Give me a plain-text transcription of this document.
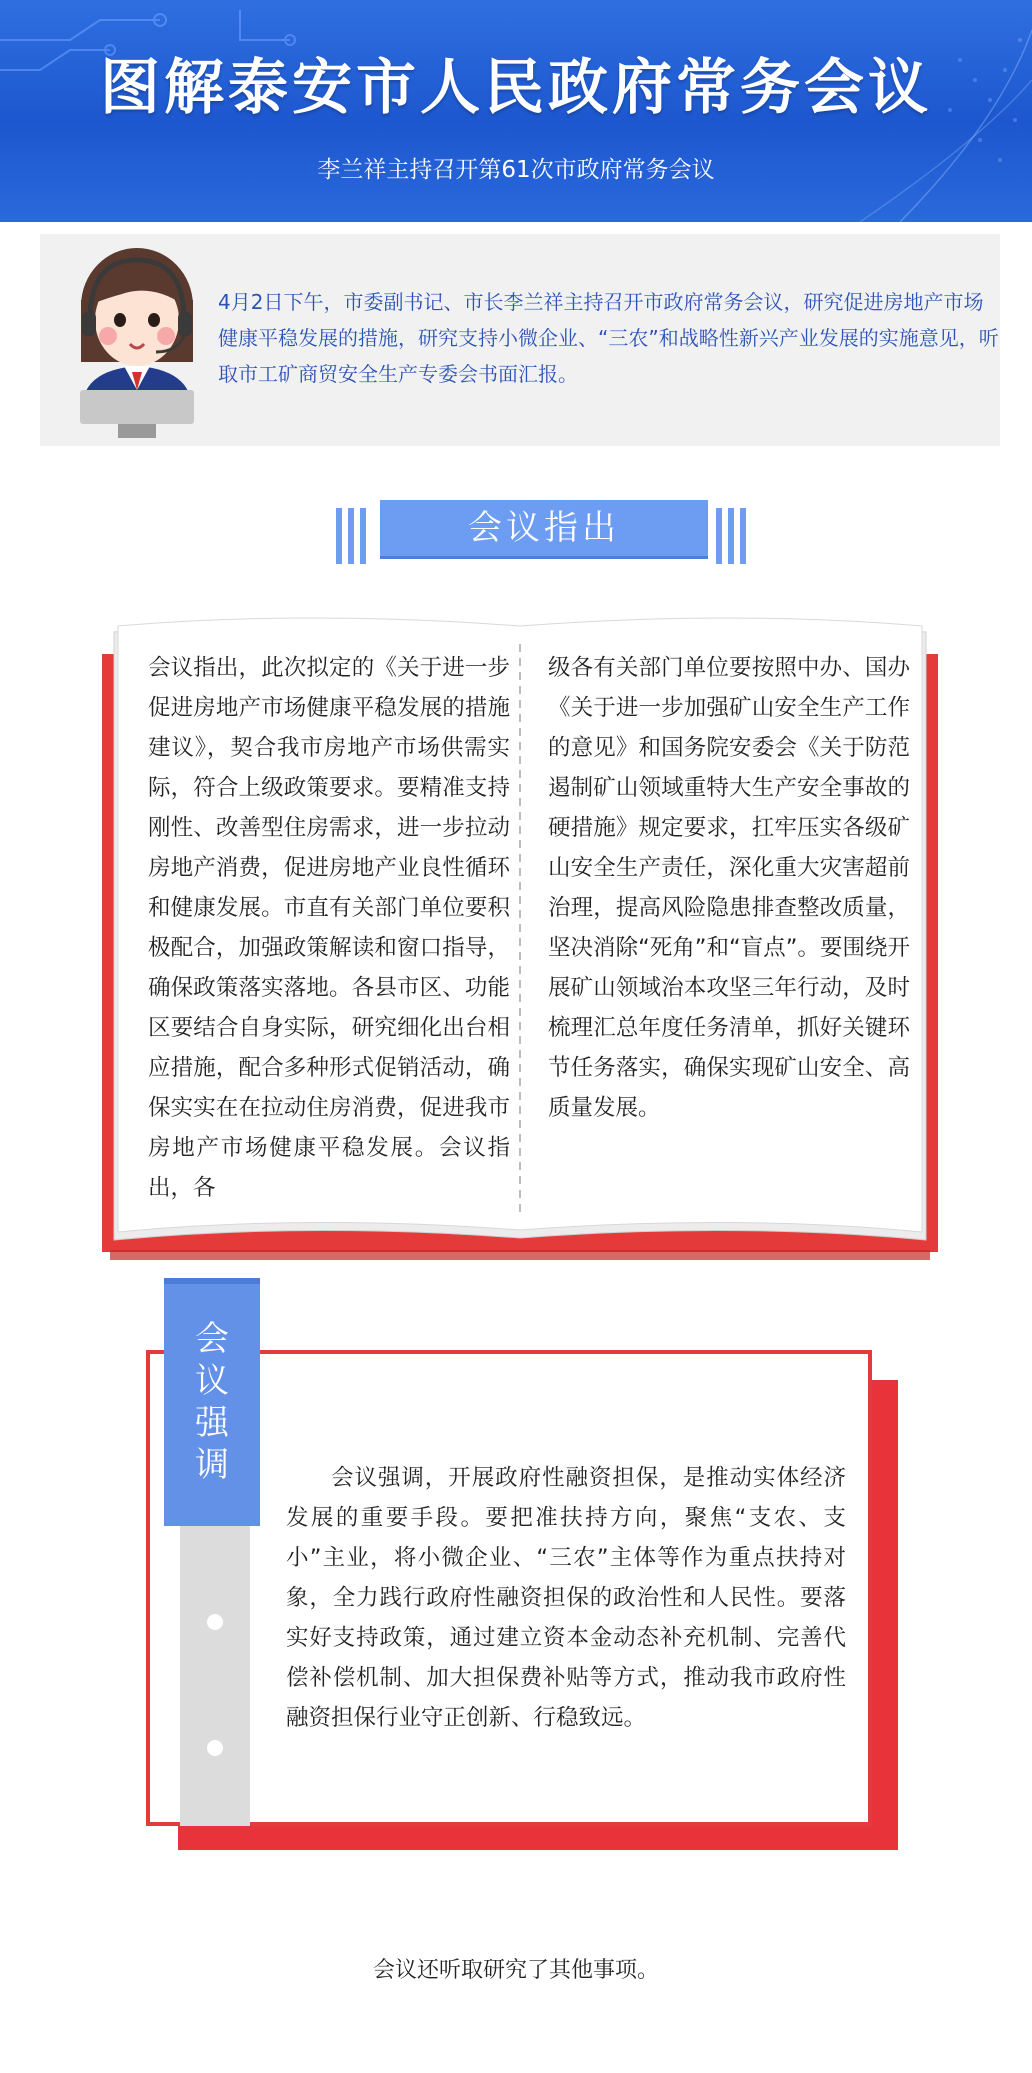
图解泰安市人民政府常务会议
李兰祥主持召开第61次市政府常务会议
4月2日下午，市委副书记、市长李兰祥主持召开市政府常务会议，研究促进房地产市场健康平稳发展的措施，研究支持小微企业、“三农”和战略性新兴产业发展的实施意见，听取市工矿商贸安全生产专委会书面汇报。
会议指出
会议指出，此次拟定的《关于进一步促进房地产市场健康平稳发展的措施建议》，契合我市房地产市场供需实际，符合上级政策要求。要精准支持刚性、改善型住房需求，进一步拉动房地产消费，促进房地产业良性循环和健康发展。市直有关部门单位要积极配合，加强政策解读和窗口指导，确保政策落实落地。各县市区、功能区要结合自身实际，研究细化出台相应措施，配合多种形式促销活动，确保实实在在拉动住房消费，促进我市房地产市场健康平稳发展。会议指出，各
级各有关部门单位要按照中办、国办《关于进一步加强矿山安全生产工作的意见》和国务院安委会《关于防范遏制矿山领域重特大生产安全事故的硬措施》规定要求，扛牢压实各级矿山安全生产责任，深化重大灾害超前治理，提高风险隐患排查整改质量，坚决消除“死角”和“盲点”。要围绕开展矿山领域治本攻坚三年行动，及时梳理汇总年度任务清单，抓好关键环节任务落实，确保实现矿山安全、高质量发展。
会议强调	会议强调，开展政府性融资担保，是推动实体经济发展的重要手段。要把准扶持方向，聚焦“支农、支小”主业，将小微企业、“三农”主体等作为重点扶持对象，全力践行政府性融资担保的政治性和人民性。要落实好支持政策，通过建立资本金动态补充机制、完善代偿补偿机制、加大担保费补贴等方式，推动我市政府性融资担保行业守正创新、行稳致远。
会议还听取研究了其他事项。
